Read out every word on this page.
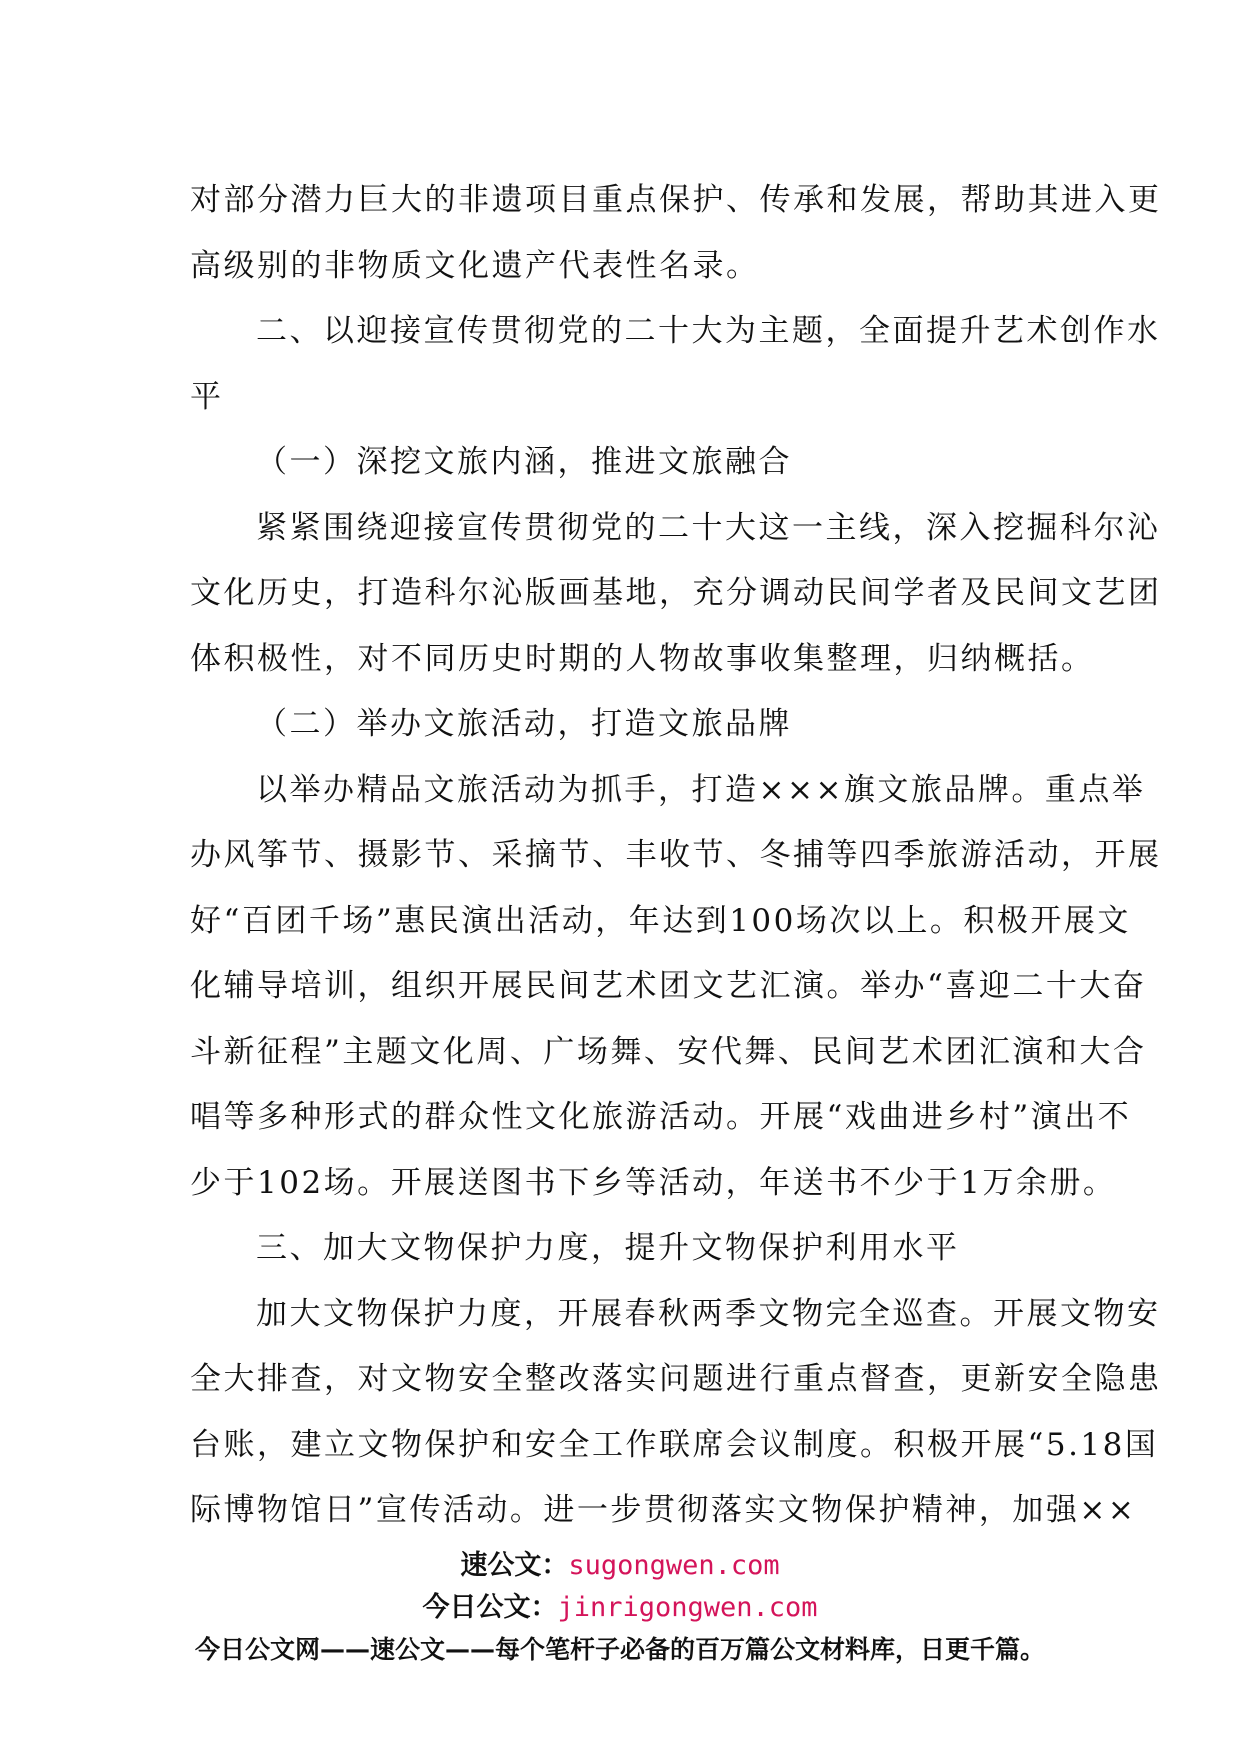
对部分潜力巨大的非遗项目重点保护、传承和发展，帮助其进入更
高级别的非物质文化遗产代表性名录。
二、以迎接宣传贯彻党的二十大为主题，全面提升艺术创作水
平
（一）深挖文旅内涵，推进文旅融合
紧紧围绕迎接宣传贯彻党的二十大这一主线，深入挖掘科尔沁
文化历史，打造科尔沁版画基地，充分调动民间学者及民间文艺团
体积极性，对不同历史时期的人物故事收集整理，归纳概括。
（二）举办文旅活动，打造文旅品牌
以举办精品文旅活动为抓手，打造×××旗文旅品牌。重点举
办风筝节、摄影节、采摘节、丰收节、冬捕等四季旅游活动，开展
好“百团千场”惠民演出活动，年达到100场次以上。积极开展文
化辅导培训，组织开展民间艺术团文艺汇演。举办“喜迎二十大奋
斗新征程”主题文化周、广场舞、安代舞、民间艺术团汇演和大合
唱等多种形式的群众性文化旅游活动。开展“戏曲进乡村”演出不
少于102场。开展送图书下乡等活动，年送书不少于1万余册。
三、加大文物保护力度，提升文物保护利用水平
加大文物保护力度，开展春秋两季文物完全巡查。开展文物安
全大排查，对文物安全整改落实问题进行重点督查，更新安全隐患
台账，建立文物保护和安全工作联席会议制度。积极开展“5.18国
际博物馆日”宣传活动。进一步贯彻落实文物保护精神，加强××
速公文：sugongwen.com
今日公文：jinrigongwen.com
今日公文网——速公文——每个笔杆子必备的百万篇公文材料库，日更千篇。
